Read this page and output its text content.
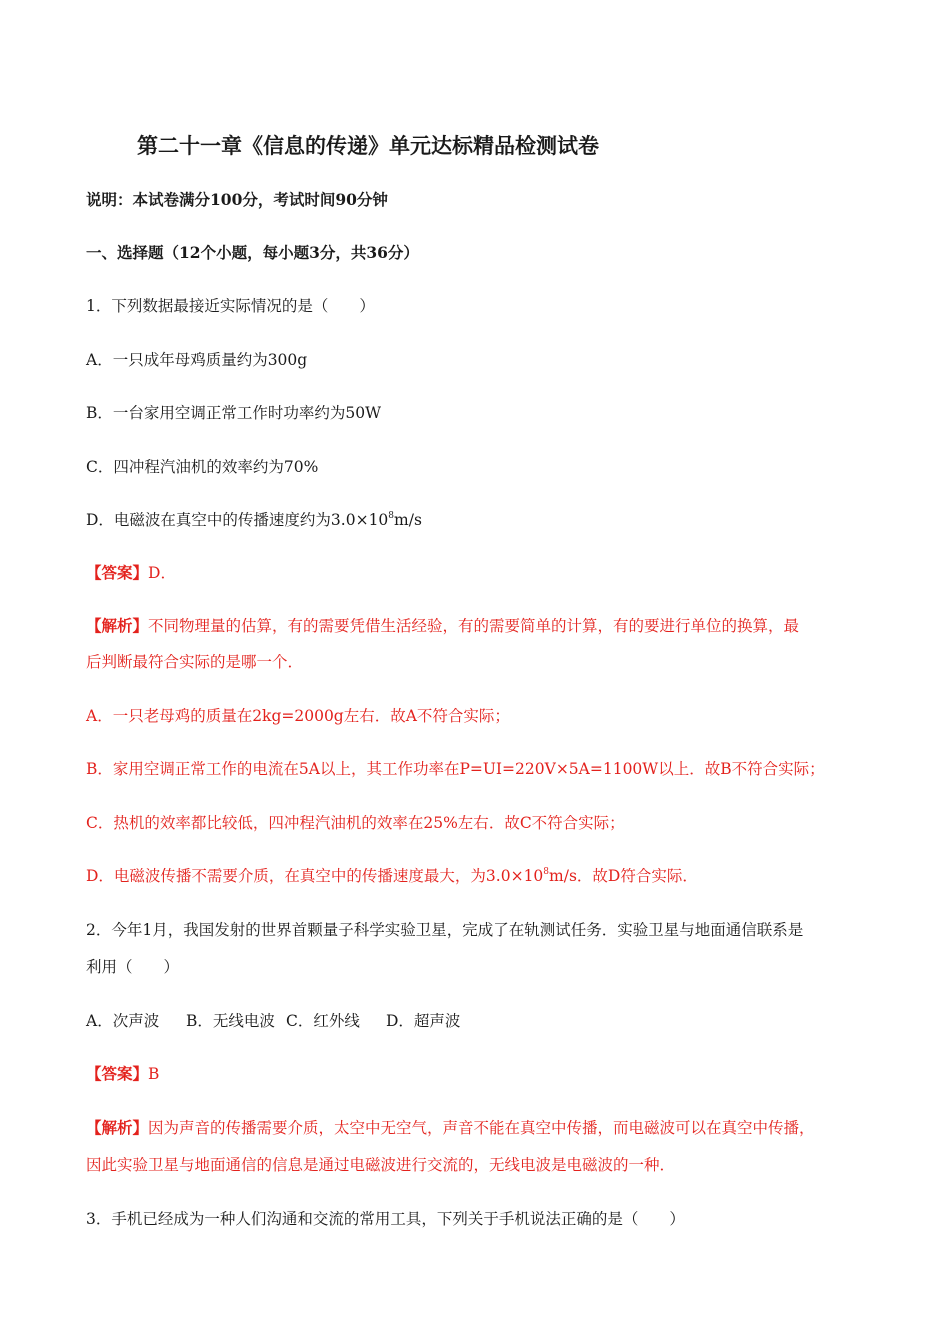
第二十一章《信息的传递》单元达标精品检测试卷
说明：本试卷满分100分，考试时间90分钟
一、选择题（12个小题，每小题3分，共36分）
1．下列数据最接近实际情况的是（　　）
A．一只成年母鸡质量约为300g
B．一台家用空调正常工作时功率约为50W
C．四冲程汽油机的效率约为70%
D．电磁波在真空中的传播速度约为$3.0\times 10^8m/s$
【答案】D．
【解析】不同物理量的估算，有的需要凭借生活经验，有的需要简单的计算，有的要进行单位的换算，最
后判断最符合实际的是哪一个．
A．一只老母鸡的质量在2kg=2000g左右．故A不符合实际；
B．家用空调正常工作的电流在5A以上，其工作功率在P=UI=220V×5A=1100W以上．故B不符合实际；
C．热机的效率都比较低，四冲程汽油机的效率在25%左右．故C不符合实际；
D．电磁波传播不需要介质，在真空中的传播速度最大，为$3.0\times 10^8m/s$．故D符合实际．
2．今年1月，我国发射的世界首颗量子科学实验卫星，完成了在轨测试任务．实验卫星与地面通信联系是
利用（　　）
A．次声波 B．无线电波 C．红外线 D．超声波
【答案】B
【解析】因为声音的传播需要介质，太空中无空气，声音不能在真空中传播，而电磁波可以在真空中传播，
因此实验卫星与地面通信的信息是通过电磁波进行交流的，无线电波是电磁波的一种．
3．手机已经成为一种人们沟通和交流的常用工具，下列关于手机说法正确的是（　　）
